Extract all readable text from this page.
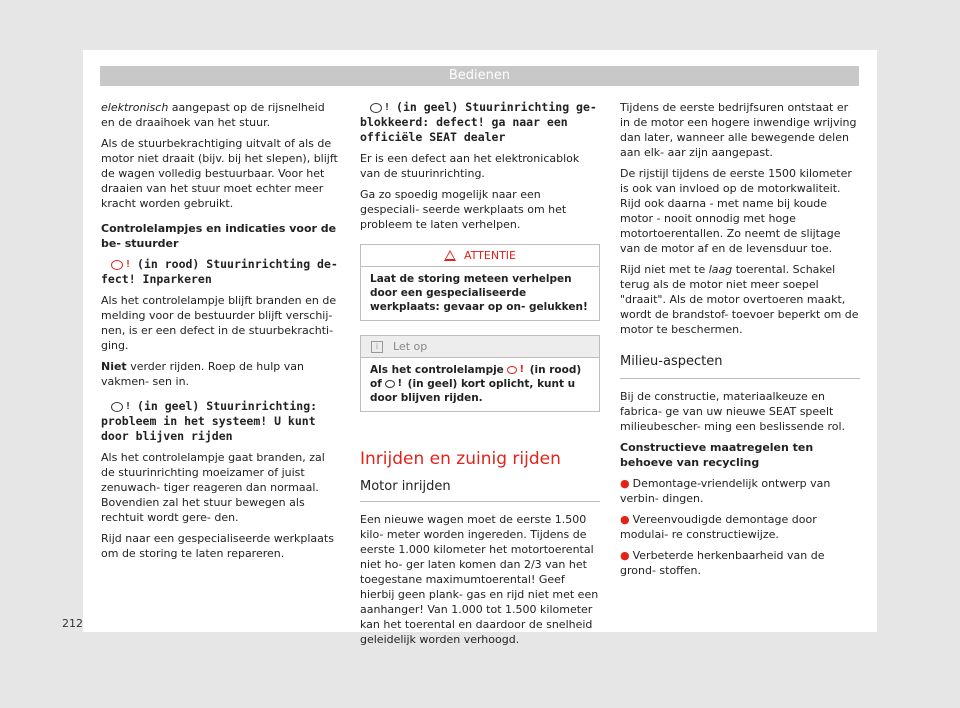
Bedienen

elektronisch aangepast op de rijsnelheid en de draaihoek van het stuur.

Als de stuurbekrachtiging uitvalt of als de motor niet draait (bijv. bij het slepen), blijft de wagen volledig bestuurbaar. Voor het draaien van het stuur moet echter meer kracht worden gebruikt.

Controlelampjes en indicaties voor de be- stuurder

! (in rood) Stuurinrichting de- fect! Inparkeren

Als het controlelampje blijft branden en de melding voor de bestuurder blijft verschij- nen, is er een defect in de stuurbekrachti- ging.

Niet verder rijden. Roep de hulp van vakmen- sen in.

! (in geel) Stuurinrichting: probleem in het systeem! U kunt door blijven rijden

Als het controlelampje gaat branden, zal de stuurinrichting moeizamer of juist zenuwach- tiger reageren dan normaal. Bovendien zal het stuur bewegen als rechtuit wordt gere- den.

Rijd naar een gespecialiseerde werkplaats om de storing te laten repareren.

! (in geel) Stuurinrichting ge- blokkeerd: defect! ga naar een officiële SEAT dealer

Er is een defect aan het elektronicablok van de stuurinrichting.

Ga zo spoedig mogelijk naar een gespeciali- seerde werkplaats om het probleem te laten verhelpen.

ATTENTIE
Laat de storing meteen verhelpen door een gespecialiseerde werkplaats: gevaar op on- gelukken!
i	Let op
Als het controlelampje ! (in rood) of ! (in geel) kort oplicht, kunt u door blijven rijden.
Inrijden en zuinig rijden
Motor inrijden

Een nieuwe wagen moet de eerste 1.500 kilo- meter worden ingereden. Tijdens de eerste 1.000 kilometer het motortoerental niet ho- ger laten komen dan 2/3 van het toegestane maximumtoerental! Geef hierbij geen plank- gas en rijd niet met een aanhanger! Van 1.000 tot 1.500 kilometer kan het toerental en daardoor de snelheid geleidelijk worden verhoogd.

Tijdens de eerste bedrijfsuren ontstaat er in de motor een hogere inwendige wrijving dan later, wanneer alle bewegende delen aan elk- aar zijn aangepast.

De rijstijl tijdens de eerste 1500 kilometer is ook van invloed op de motorkwaliteit. Rijd ook daarna - met name bij koude motor - nooit onnodig met hoge motortoerentallen. Zo neemt de slijtage van de motor af en de levensduur toe.

Rijd niet met te laag toerental. Schakel terug als de motor niet meer soepel "draait". Als de motor overtoeren maakt, wordt de brandstof- toevoer beperkt om de motor te beschermen.

Milieu-aspecten

Bij de constructie, materiaalkeuze en fabrica- ge van uw nieuwe SEAT speelt milieubescher- ming een beslissende rol.

Constructieve maatregelen ten behoeve van recycling

● Demontage-vriendelijk ontwerp van verbin- dingen.

● Vereenvoudigde demontage door modulai- re constructiewijze.

● Verbeterde herkenbaarheid van de grond- stoffen.

212
